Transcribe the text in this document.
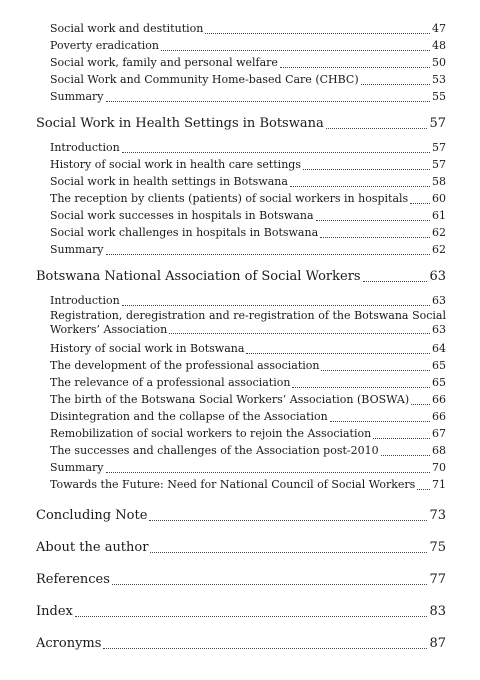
Social work and destitution	47
Poverty eradication	48
Social work, family and personal welfare	50
Social Work and Community Home-based Care (CHBC)	53
Summary	55
Social Work in Health Settings in Botswana	57
Introduction	57
History of social work in health care settings	57
Social work in health settings in Botswana	58
The reception by clients (patients) of social workers in hospitals 60
Social work successes in hospitals in Botswana	61
Social work challenges in hospitals in Botswana	62
Summary	62
Botswana National Association of Social Workers	63
Introduction	63
Registration, deregistration and re-registration of the Botswana Social
Workers’ Association	63
History of social work in Botswana	64
The development of the professional association	65
The relevance of a professional association	65
The birth of the Botswana Social Workers’ Association (BOSWA) 66
Disintegration and the collapse of the Association	66
Remobilization of social workers to rejoin the Association	67
The successes and challenges of the Association post-2010	68
Summary	70
Towards the Future: Need for National Council of Social Workers 71
Concluding Note	73
About the author	75
References	77
Index	83
Acronyms	87
